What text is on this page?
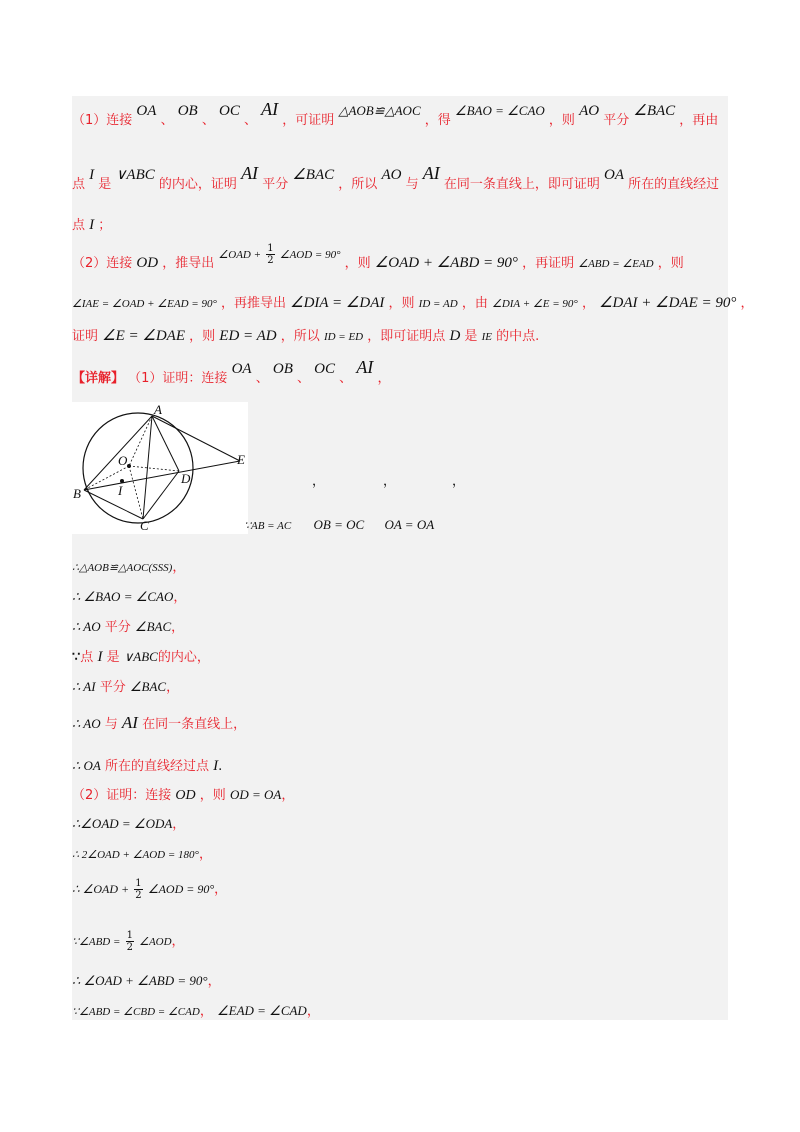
（1）连接 OA 、 OB 、 OC 、 AI ，可证明 △AOB≌△AOC ，得 ∠BAO = ∠CAO ，则 AO 平分 ∠BAC ，再由
点 I 是 ∨ABC 的内心，证明 AI 平分 ∠BAC ，所以 AO 与 AI 在同一条直线上，即可证明 OA 所在的直线经过
点 I ；
（2）连接 OD ，推导出 $^{\angle OAD +} \frac{1}{2} ^{\angle AOD = 90^\circ}$ ，则 ∠OAD + ∠ABD = 90° ，再证明 ∠ABD = ∠EAD ，则
∠IAE = ∠OAD + ∠EAD = 90° ，再推导出 ∠DIA = ∠DAI ，则 ID = AD ，由 ∠DIA + ∠E = 90° ， ∠DAI + ∠DAE = 90° ，
证明 ∠E = ∠DAE ，则 ED = AD ，所以 ID = ED ，即可证明点 D 是 IE 的中点.
【详解】 （1）证明：连接 OA 、 OB 、 OC 、 AI ，
A
O
I
B
C
D
E
，	，	，
∵AB = AC OB = OC OA = OA
∴△AOB≌△AOC(SSS)，
∴ ∠BAO = ∠CAO，
∴ AO 平分 ∠BAC，
∵点 I 是 ∨ABC的内心，
∴ AI 平分 ∠BAC，
∴ AO 与 AI 在同一条直线上，
∴ OA 所在的直线经过点 I.
（2）证明：连接 OD ，则 OD = OA，
∴∠OAD = ∠ODA，
∴ 2∠OAD + ∠AOD = 180°，
∴ ∠OAD + $\frac{1}{2}$ ∠AOD = 90°，
∵∠ABD = $\frac{1}{2}$ ∠AOD，
∴ ∠OAD + ∠ABD = 90°，
∵∠ABD = ∠CBD = ∠CAD， ∠EAD = ∠CAD，
